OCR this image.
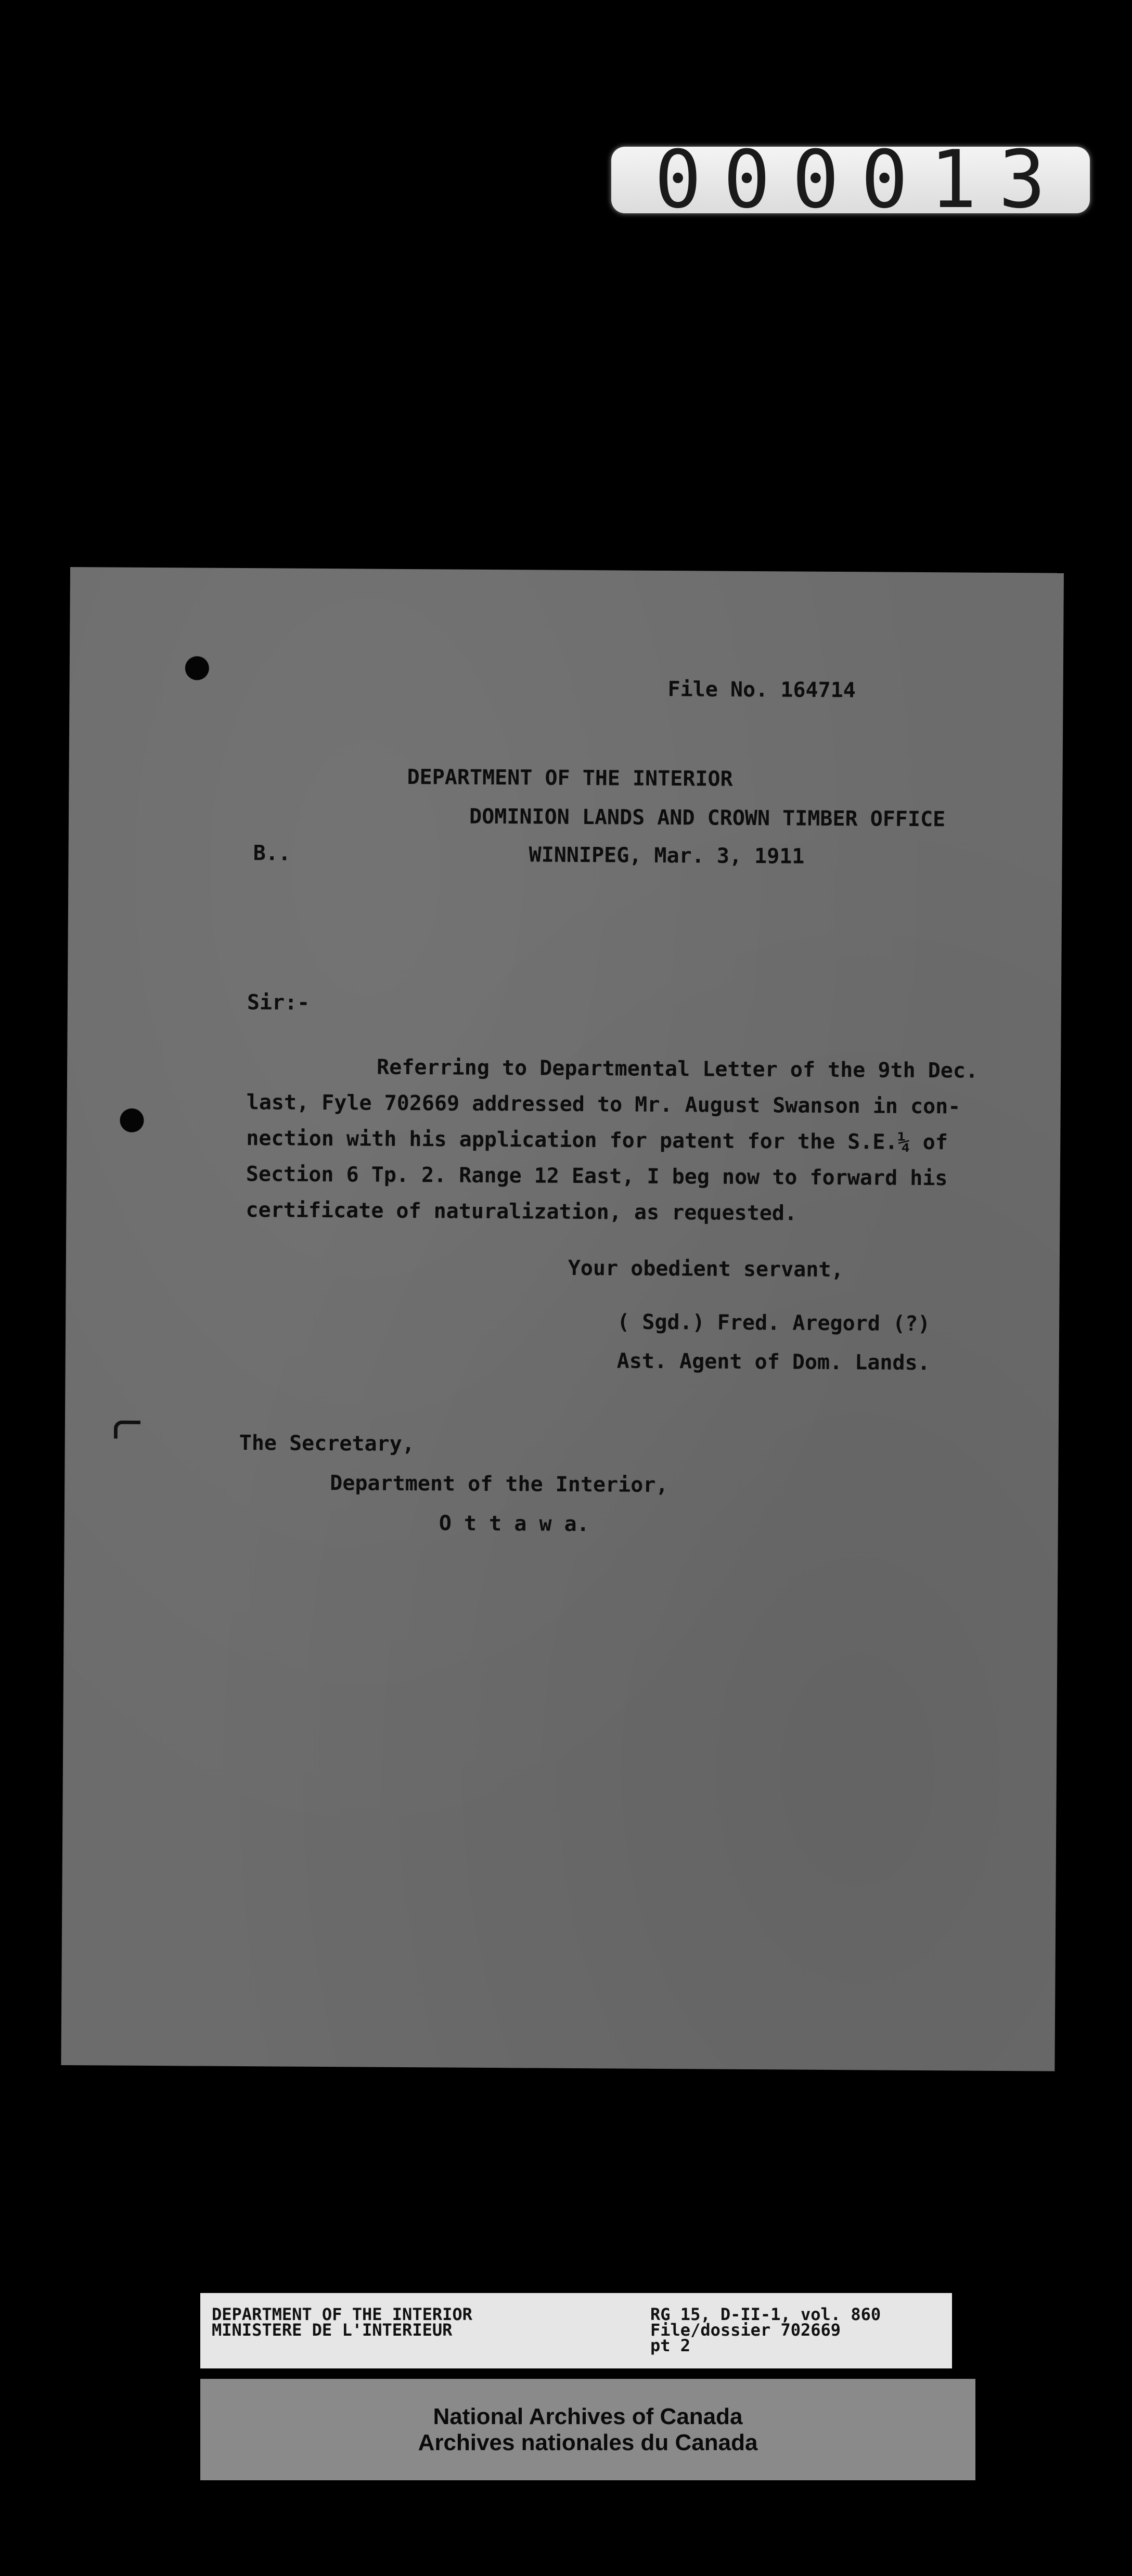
000013
File No. 164714
DEPARTMENT OF THE INTERIOR
DOMINION LANDS AND CROWN TIMBER OFFICE
WINNIPEG, Mar. 3, 1911
B..
Sir:-
Referring to Departmental Letter of the 9th Dec.
last, Fyle 702669 addressed to Mr. August Swanson in con-
nection with his application for patent for the S.E.¼ of
Section 6 Tp. 2. Range 12 East, I beg now to forward his
certificate of naturalization, as requested.
Your obedient servant,
( Sgd.) Fred. Aregord (?)
Ast. Agent of Dom. Lands.
The Secretary,
Department of the Interior,
O t t a w a.
DEPARTMENT OF THE INTERIOR
MINISTERE DE L'INTERIEUR
RG 15, D-II-1, vol. 860
File/dossier 702669
pt 2
National Archives of Canada
Archives nationales du Canada
